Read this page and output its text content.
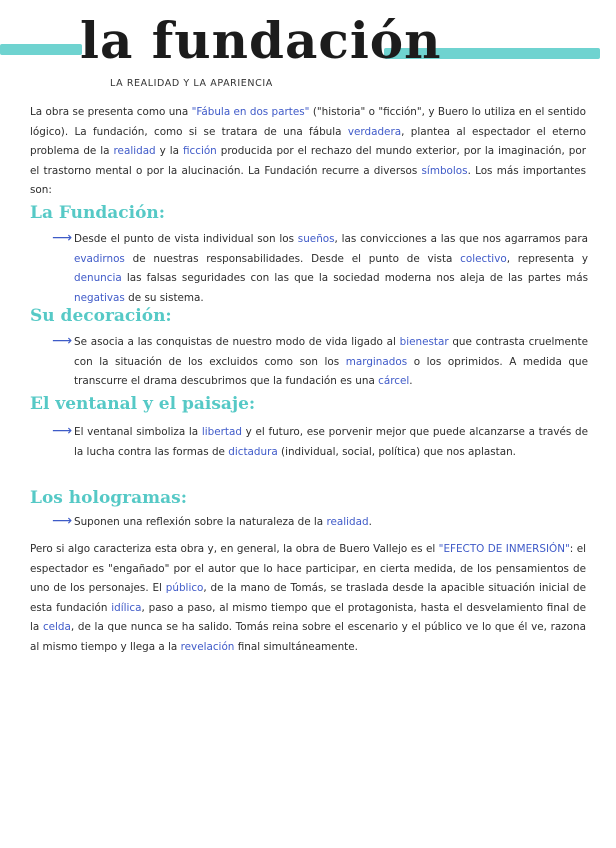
la fundación
LA REALIDAD Y LA APARIENCIA

La obra se presenta como una "Fábula en dos partes" ("historia" o "ficción", y Buero lo utiliza en el sentido lógico). La fundación, como si se tratara de una fábula verdadera, plantea al espectador el eterno problema de la realidad y la ficción producida por el rechazo del mundo exterior, por la imaginación, por el trastorno mental o por la alucinación. La Fundación recurre a diversos símbolos. Los más importantes son:

La Fundación:
⟶ Desde el punto de vista individual son los sueños, las convicciones a las que nos agarramos para evadirnos de nuestras responsabilidades. Desde el punto de vista colectivo, representa y denuncia las falsas seguridades con las que la sociedad moderna nos aleja de las partes más negativas de su sistema.

Su decoración:
⟶ Se asocia a las conquistas de nuestro modo de vida ligado al bienestar que contrasta cruelmente con la situación de los excluidos como son los marginados o los oprimidos. A medida que transcurre el drama descubrimos que la fundación es una cárcel.

El ventanal y el paisaje:
⟶ El ventanal simboliza la libertad y el futuro, ese porvenir mejor que puede alcanzarse a través de la lucha contra las formas de dictadura (individual, social, política) que nos aplastan.

Los hologramas:
⟶ Suponen una reflexión sobre la naturaleza de la realidad.

Pero si algo caracteriza esta obra y, en general, la obra de Buero Vallejo es el "EFECTO DE INMERSIÓN": el espectador es "engañado" por el autor que lo hace participar, en cierta medida, de los pensamientos de uno de los personajes. El público, de la mano de Tomás, se traslada desde la apacible situación inicial de esta fundación idílica, paso a paso, al mismo tiempo que el protagonista, hasta el desvelamiento final de la celda, de la que nunca se ha salido. Tomás reina sobre el escenario y el público ve lo que él ve, razona al mismo tiempo y llega a la revelación final simultáneamente.
